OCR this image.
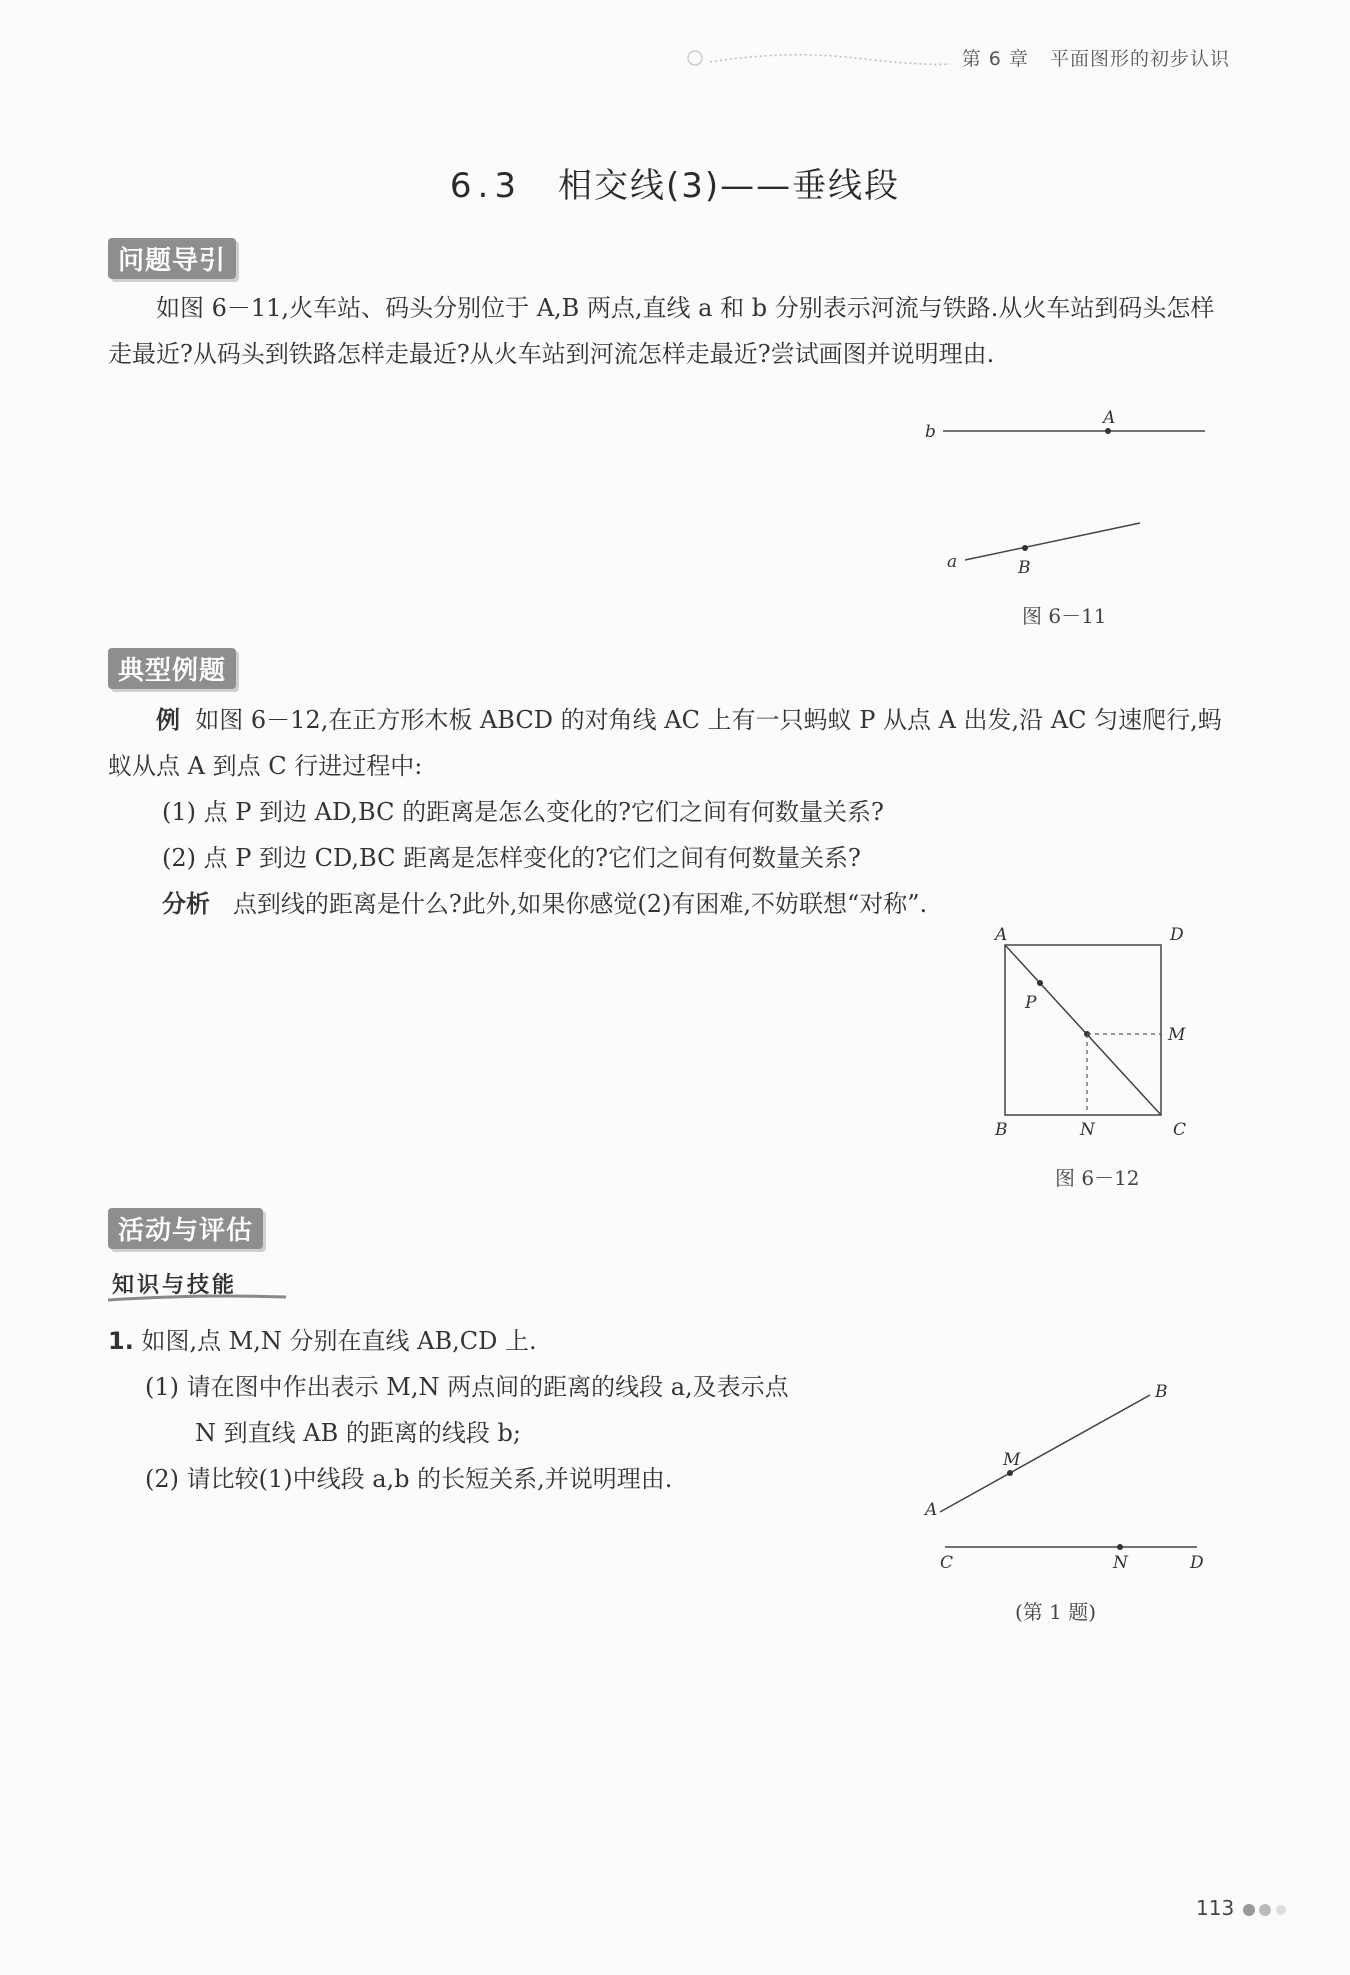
第 6 章 平面图形的初步认识
6.3 相交线(3)——垂线段
问题导引
如图 6－11,火车站、码头分别位于 A,B 两点,直线 a 和 b 分别表示河流与铁路.从火车站到码头怎样走最近?从码头到铁路怎样走最近?从火车站到河流怎样走最近?尝试画图并说明理由.
b
A
a	B
图 6－11
典型例题
例 如图 6－12,在正方形木板 ABCD 的对角线 AC 上有一只蚂蚁 P 从点 A 出发,沿 AC 匀速爬行,蚂蚁从点 A 到点 C 行进过程中:
(1) 点 P 到边 AD,BC 的距离是怎么变化的?它们之间有何数量关系?
(2) 点 P 到边 CD,BC 距离是怎样变化的?它们之间有何数量关系?
分析 点到线的距离是什么?此外,如果你感觉(2)有困难,不妨联想“对称”.
A	D
P
M
B	N	C
图 6－12
活动与评估
知识与技能
1. 如图,点 M,N 分别在直线 AB,CD 上.
(1) 请在图中作出表示 M,N 两点间的距离的线段 a,及表示点
N 到直线 AB 的距离的线段 b;
(2) 请比较(1)中线段 a,b 的长短关系,并说明理由.
A
B
M
C	N	D
(第 1 题)
113
